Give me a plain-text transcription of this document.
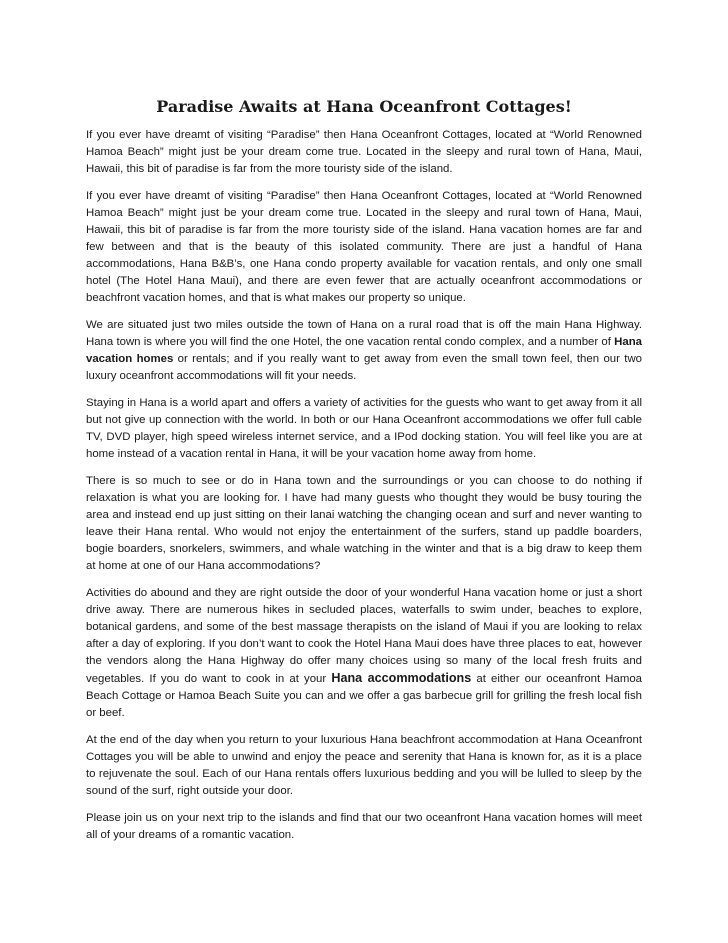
Paradise Awaits at Hana Oceanfront Cottages!

If you ever have dreamt of visiting “Paradise” then Hana Oceanfront Cottages, located at “World Renowned Hamoa Beach” might just be your dream come true. Located in the sleepy and rural town of Hana, Maui, Hawaii, this bit of paradise is far from the more touristy side of the island.

If you ever have dreamt of visiting “Paradise” then Hana Oceanfront Cottages, located at “World Renowned Hamoa Beach” might just be your dream come true. Located in the sleepy and rural town of Hana, Maui, Hawaii, this bit of paradise is far from the more touristy side of the island. Hana vacation homes are far and few between and that is the beauty of this isolated community. There are just a handful of Hana accommodations, Hana B&B’s, one Hana condo property available for vacation rentals, and only one small hotel (The Hotel Hana Maui), and there are even fewer that are actually oceanfront accommodations or beachfront vacation homes, and that is what makes our property so unique.

We are situated just two miles outside the town of Hana on a rural road that is off the main Hana Highway. Hana town is where you will find the one Hotel, the one vacation rental condo complex, and a number of Hana vacation homes or rentals; and if you really want to get away from even the small town feel, then our two luxury oceanfront accommodations will fit your needs.

Staying in Hana is a world apart and offers a variety of activities for the guests who want to get away from it all but not give up connection with the world. In both or our Hana Oceanfront accommodations we offer full cable TV, DVD player, high speed wireless internet service, and a IPod docking station. You will feel like you are at home instead of a vacation rental in Hana, it will be your vacation home away from home.

There is so much to see or do in Hana town and the surroundings or you can choose to do nothing if relaxation is what you are looking for. I have had many guests who thought they would be busy touring the area and instead end up just sitting on their lanai watching the changing ocean and surf and never wanting to leave their Hana rental. Who would not enjoy the entertainment of the surfers, stand up paddle boarders, bogie boarders, snorkelers, swimmers, and whale watching in the winter and that is a big draw to keep them at home at one of our Hana accommodations?

Activities do abound and they are right outside the door of your wonderful Hana vacation home or just a short drive away. There are numerous hikes in secluded places, waterfalls to swim under, beaches to explore, botanical gardens, and some of the best massage therapists on the island of Maui if you are looking to relax after a day of exploring. If you don’t want to cook the Hotel Hana Maui does have three places to eat, however the vendors along the Hana Highway do offer many choices using so many of the local fresh fruits and vegetables. If you do want to cook in at your Hana accommodations at either our oceanfront Hamoa Beach Cottage or Hamoa Beach Suite you can and we offer a gas barbecue grill for grilling the fresh local fish or beef.

At the end of the day when you return to your luxurious Hana beachfront accommodation at Hana Oceanfront Cottages you will be able to unwind and enjoy the peace and serenity that Hana is known for, as it is a place to rejuvenate the soul. Each of our Hana rentals offers luxurious bedding and you will be lulled to sleep by the sound of the surf, right outside your door.

Please join us on your next trip to the islands and find that our two oceanfront Hana vacation homes will meet all of your dreams of a romantic vacation.
